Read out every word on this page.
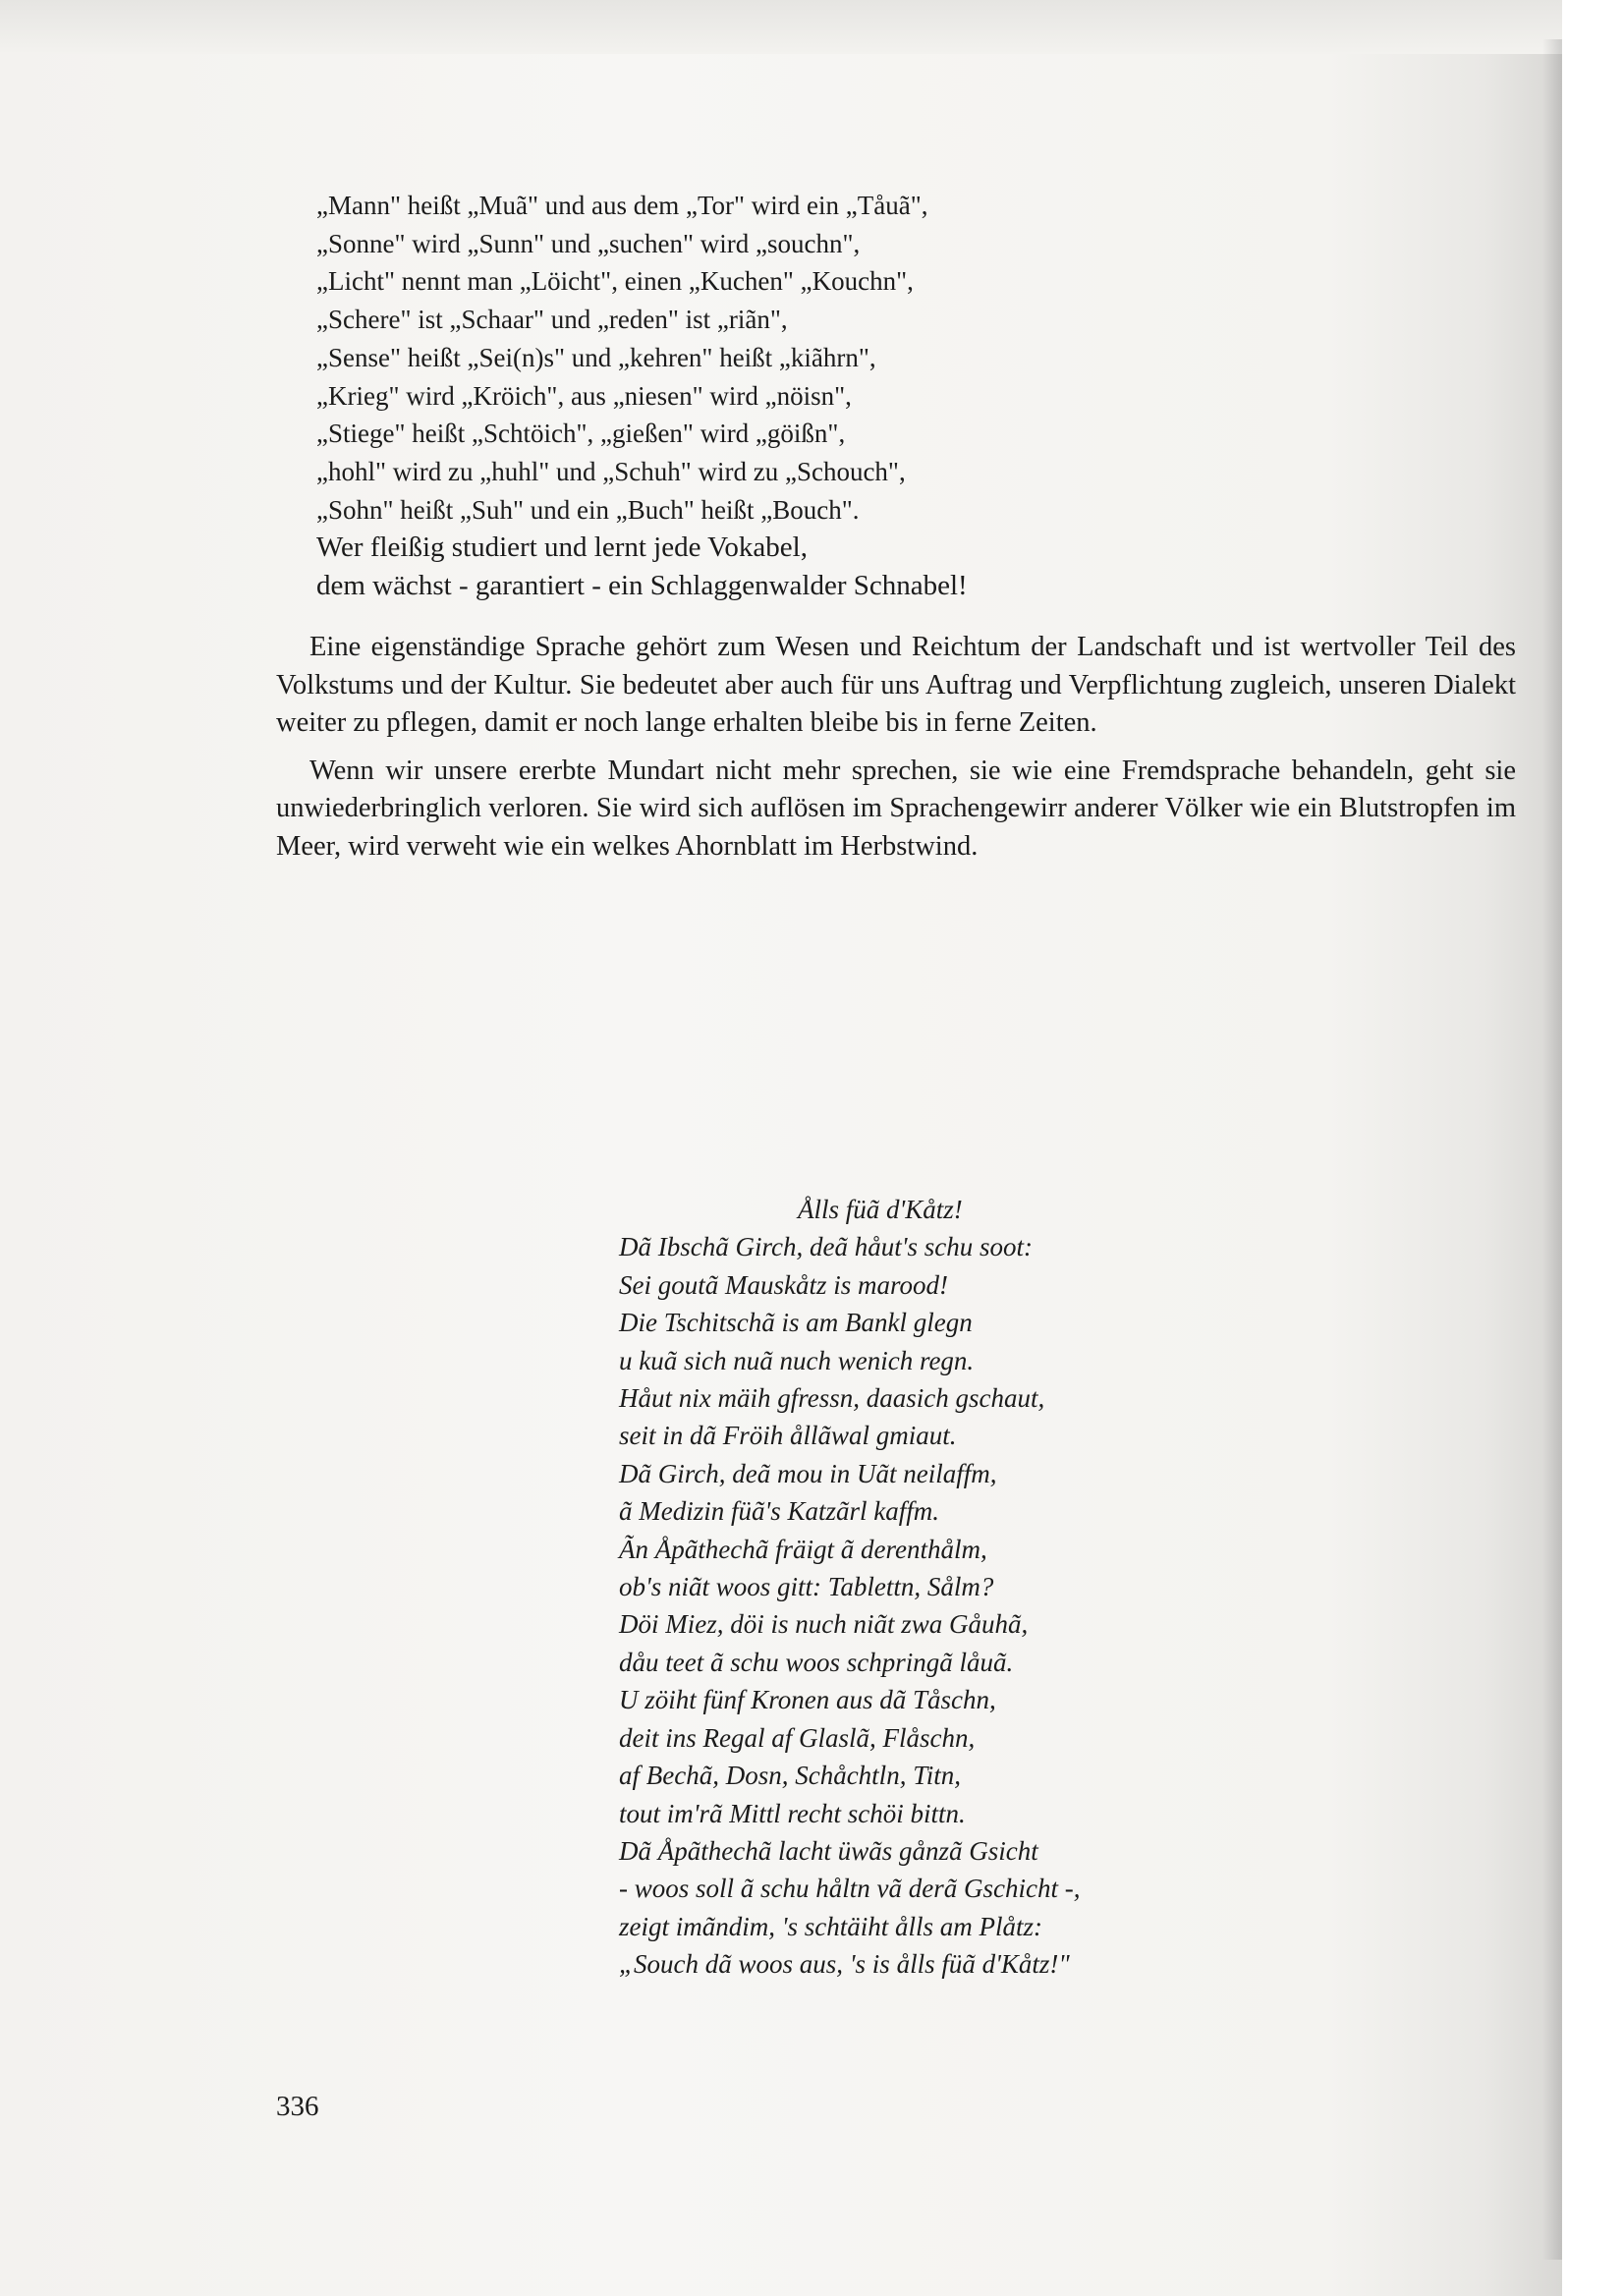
„Mann" heißt „Muã" und aus dem „Tor" wird ein „Tåuã",
„Sonne" wird „Sunn" und „suchen" wird „souchn",
„Licht" nennt man „Löicht", einen „Kuchen" „Kouchn",
„Schere" ist „Schaar" und „reden" ist „riãn",
„Sense" heißt „Sei(n)s" und „kehren" heißt „kiãhrn",
„Krieg" wird „Kröich", aus „niesen" wird „nöisn",
„Stiege" heißt „Schtöich", „gießen" wird „göißn",
„hohl" wird zu „huhl" und „Schuh" wird zu „Schouch",
„Sohn" heißt „Suh" und ein „Buch" heißt „Bouch".
Wer fleißig studiert und lernt jede Vokabel,
dem wächst - garantiert - ein Schlaggenwalder Schnabel!

Eine eigenständige Sprache gehört zum Wesen und Reichtum der Landschaft und ist wertvoller Teil des Volkstums und der Kultur. Sie bedeutet aber auch für uns Auftrag und Verpflichtung zugleich, unseren Dialekt weiter zu pflegen, damit er noch lange erhalten bleibe bis in ferne Zeiten.

Wenn wir unsere ererbte Mundart nicht mehr sprechen, sie wie eine Fremdsprache behandeln, geht sie unwiederbringlich verloren. Sie wird sich auflösen im Sprachengewirr anderer Völker wie ein Blutstropfen im Meer, wird verweht wie ein welkes Ahornblatt im Herbstwind.

Ålls füã d'Kåtz!
Dã Ibschã Girch, deã håut's schu soot:
Sei goutã Mauskåtz is marood!
Die Tschitschã is am Bankl glegn
u kuã sich nuã nuch wenich regn.
Håut nix mäih gfressn, daasich gschaut,
seit in dã Fröih ållãwal gmiaut.
Dã Girch, deã mou in Uãt neilaffm,
ã Medizin füã's Katzãrl kaffm.
Ãn Åpãthechã fräigt ã derenthålm,
ob's niãt woos gitt: Tablettn, Sålm?
Döi Miez, döi is nuch niãt zwa Gåuhã,
dåu teet ã schu woos schpringã låuã.
U zöiht fünf Kronen aus dã Tåschn,
deit ins Regal af Glaslã, Flåschn,
af Bechã, Dosn, Schåchtln, Titn,
tout im'rã Mittl recht schöi bittn.
Dã Åpãthechã lacht üwãs gånzã Gsicht
- woos soll ã schu håltn vã derã Gschicht -,
zeigt imãndim, 's schtäiht ålls am Plåtz:
„Souch dã woos aus, 's is ålls füã d'Kåtz!"
336
